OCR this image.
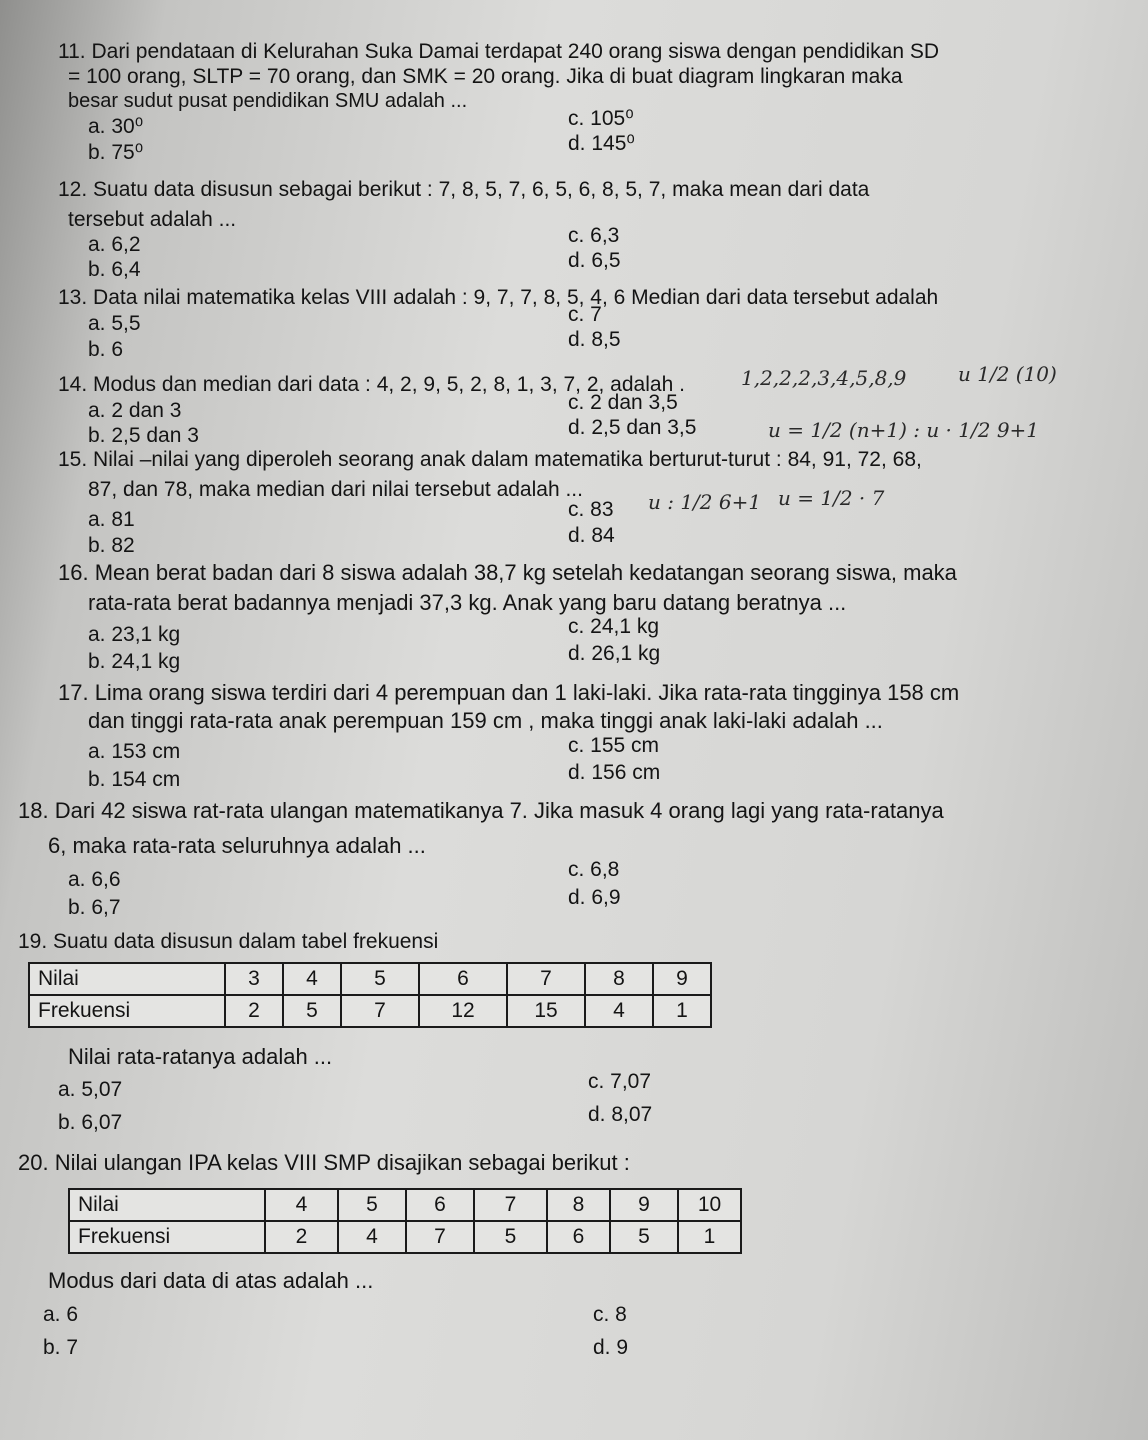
11. Dari pendataan di Kelurahan Suka Damai terdapat 240 orang siswa dengan pendidikan SD
= 100 orang, SLTP = 70 orang, dan SMK = 20 orang. Jika di buat diagram lingkaran maka
besar sudut pusat pendidikan SMU adalah ...
a. 30⁰
b. 75⁰
c. 105⁰
d. 145⁰
12. Suatu data disusun sebagai berikut : 7, 8, 5, 7, 6, 5, 6, 8, 5, 7, maka mean dari data
tersebut adalah ...
a. 6,2
b. 6,4
c. 6,3
d. 6,5
13. Data nilai matematika kelas VIII adalah : 9, 7, 7, 8, 5, 4, 6 Median dari data tersebut adalah
a. 5,5
b. 6
c. 7
d. 8,5
14. Modus dan median dari data : 4, 2, 9, 5, 2, 8, 1, 3, 7, 2, adalah .	1,2,2,2,3,4,5,8,9	u 1/2 (10)
a. 2 dan 3
b. 2,5 dan 3
c. 2 dan 3,5
d. 2,5 dan 3,5	u = 1/2 (n+1) : u · 1/2 9+1
15. Nilai –nilai yang diperoleh seorang anak dalam matematika berturut-turut : 84, 91, 72, 68,
87, dan 78, maka median dari nilai tersebut adalah ...
a. 81
b. 82
c. 83
d. 84
u : 1/2 6+1 u = 1/2 · 7
16. Mean berat badan dari 8 siswa adalah 38,7 kg setelah kedatangan seorang siswa, maka
rata-rata berat badannya menjadi 37,3 kg. Anak yang baru datang beratnya ...
a. 23,1 kg
b. 24,1 kg
c. 24,1 kg
d. 26,1 kg
17. Lima orang siswa terdiri dari 4 perempuan dan 1 laki-laki. Jika rata-rata tingginya 158 cm
dan tinggi rata-rata anak perempuan 159 cm , maka tinggi anak laki-laki adalah ...
a. 153 cm
b. 154 cm
c. 155 cm
d. 156 cm
18. Dari 42 siswa rat-rata ulangan matematikanya 7. Jika masuk 4 orang lagi yang rata-ratanya
6, maka rata-rata seluruhnya adalah ...
a. 6,6
b. 6,7
c. 6,8
d. 6,9
19. Suatu data disusun dalam tabel frekuensi
Nilai	3	4	5	6	7	8	9
Frekuensi	2	5	7	12	15	4	1
Nilai rata-ratanya adalah ...
a. 5,07
b. 6,07
c. 7,07
d. 8,07
20. Nilai ulangan IPA kelas VIII SMP disajikan sebagai berikut :
Nilai	4	5	6	7	8	9	10
Frekuensi	2	4	7	5	6	5	1
Modus dari data di atas adalah ...
a. 6
b. 7
c. 8
d. 9
